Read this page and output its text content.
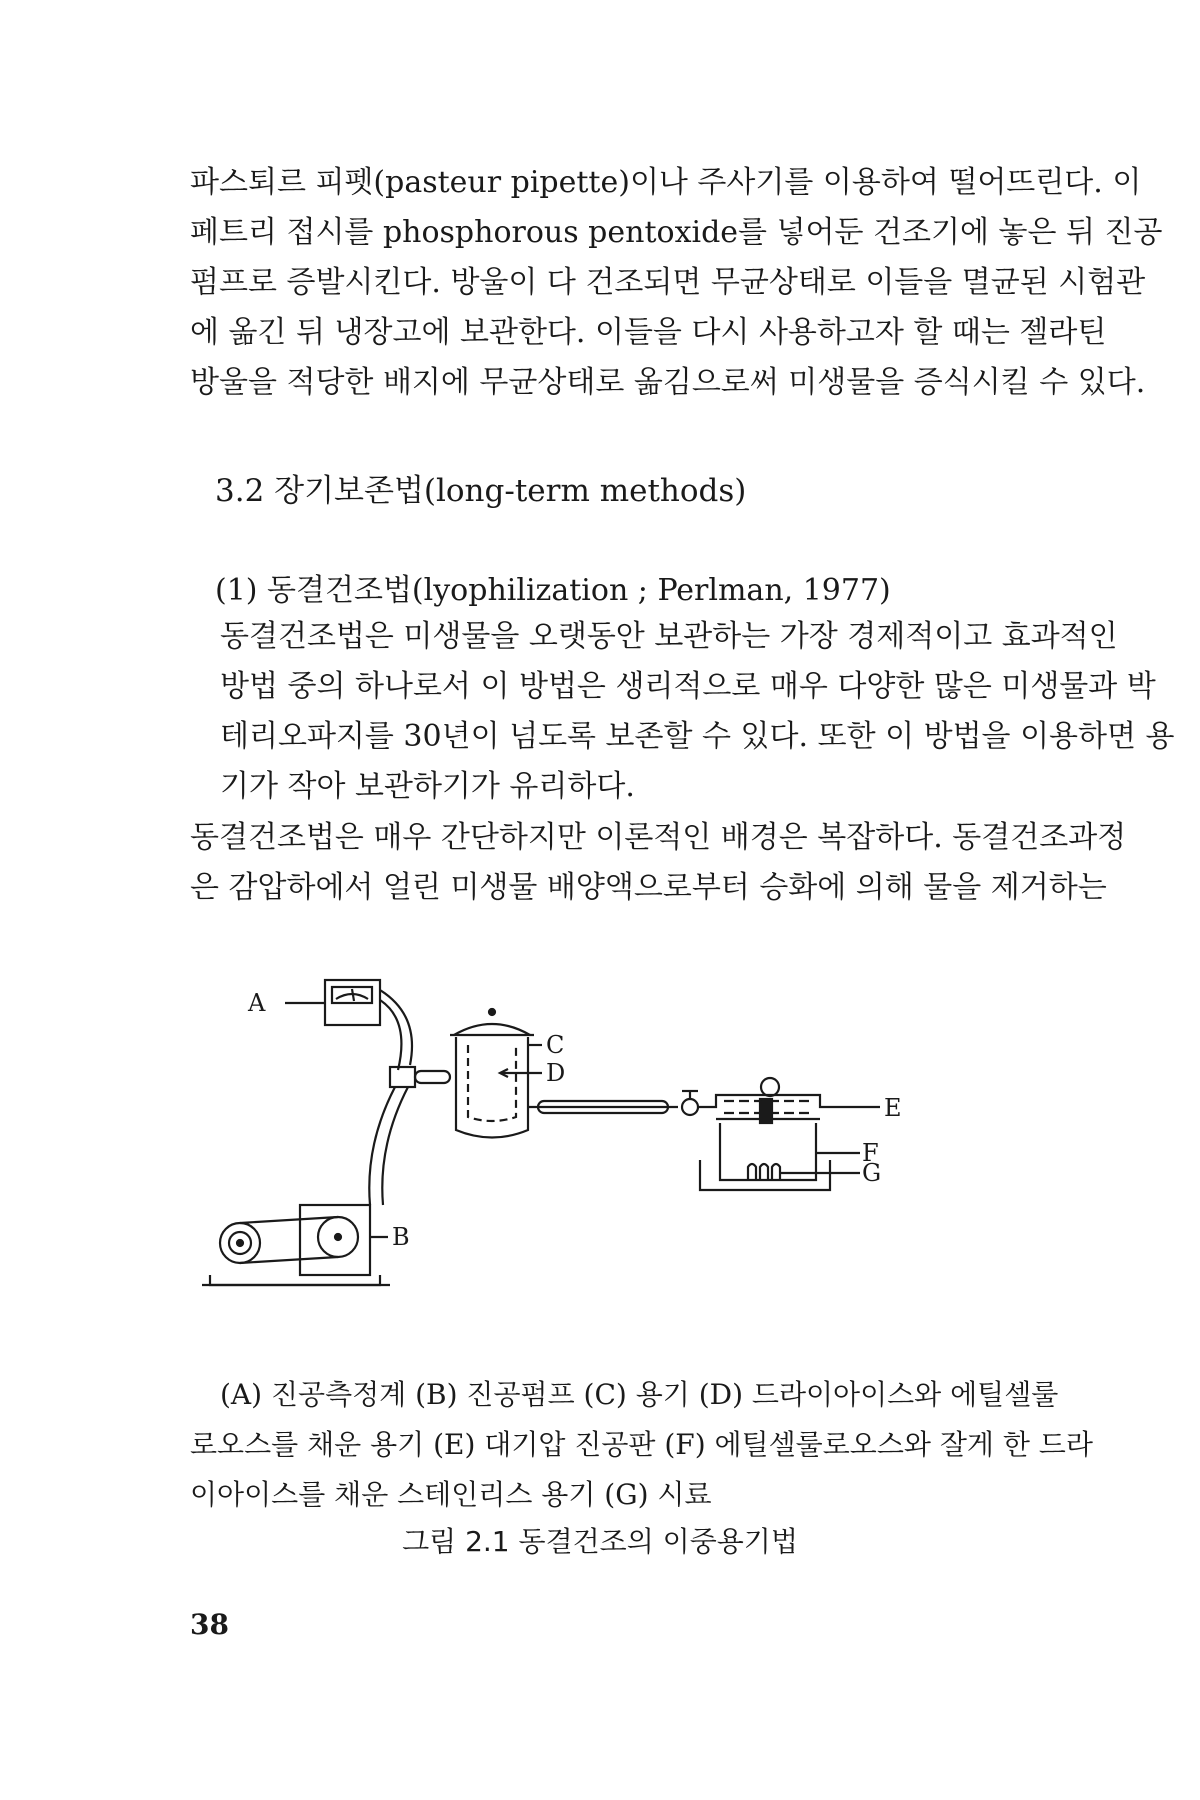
파스퇴르 피펫(pasteur pipette)이나 주사기를 이용하여 떨어뜨린다. 이
페트리 접시를 phosphorous pentoxide를 넣어둔 건조기에 놓은 뒤 진공
펌프로 증발시킨다. 방울이 다 건조되면 무균상태로 이들을 멸균된 시험관
에 옮긴 뒤 냉장고에 보관한다. 이들을 다시 사용하고자 할 때는 젤라틴
방울을 적당한 배지에 무균상태로 옮김으로써 미생물을 증식시킬 수 있다.

3.2 장기보존법(long-term methods)
(1) 동결건조법(lyophilization ; Perlman, 1977)

동결건조법은 미생물을 오랫동안 보관하는 가장 경제적이고 효과적인
방법 중의 하나로서 이 방법은 생리적으로 매우 다양한 많은 미생물과 박
테리오파지를 30년이 넘도록 보존할 수 있다. 또한 이 방법을 이용하면 용
기가 작아 보관하기가 유리하다.

동결건조법은 매우 간단하지만 이론적인 배경은 복잡하다. 동결건조과정
은 감압하에서 얼린 미생물 배양액으로부터 승화에 의해 물을 제거하는

A
B
C
D
E
F
G
(A) 진공측정계 (B) 진공펌프 (C) 용기 (D) 드라이아이스와 에틸셀룰
로오스를 채운 용기 (E) 대기압 진공판 (F) 에틸셀룰로오스와 잘게 한 드라
이아이스를 채운 스테인리스 용기 (G) 시료
그림 2.1 동결건조의 이중용기법
38
